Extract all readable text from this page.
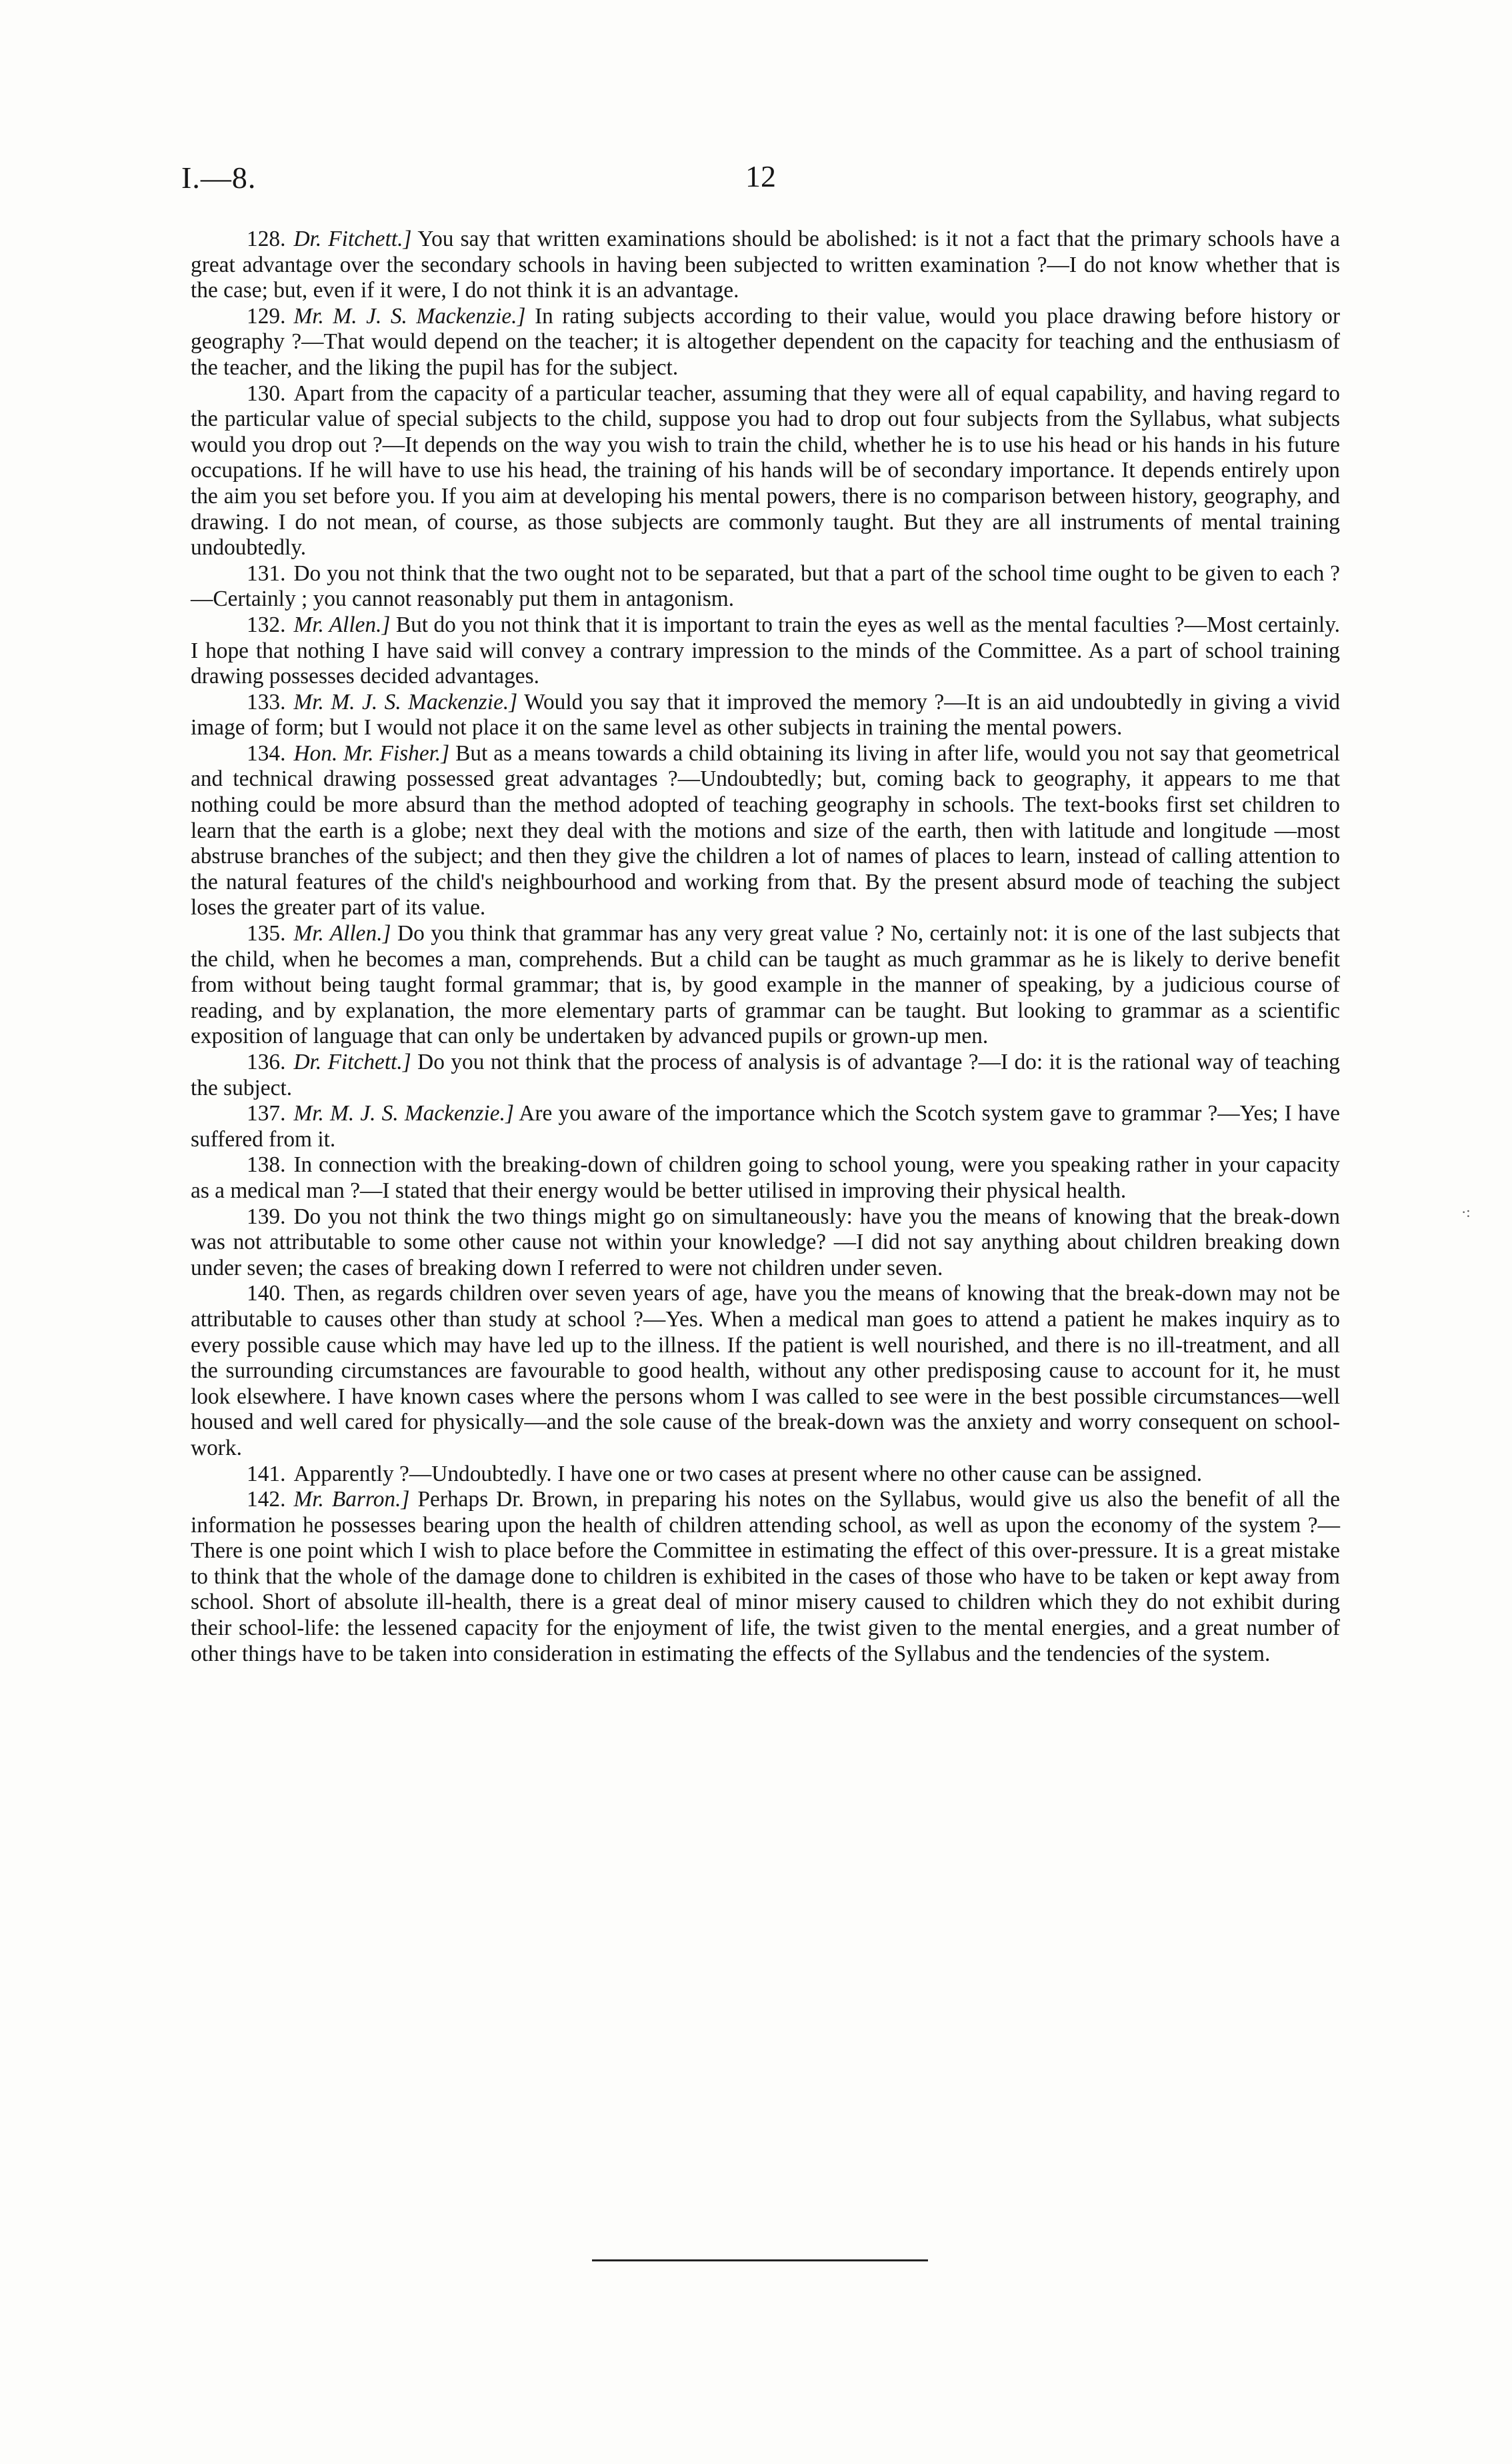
I.—8.	12
·:

128. Dr. Fitchett.] You say that written examinations should be abolished: is it not a fact that the primary schools have a great advantage over the secondary schools in having been subjected to written examination ?—I do not know whether that is the case; but, even if it were, I do not think it is an advantage.

129. Mr. M. J. S. Mackenzie.] In rating subjects according to their value, would you place drawing before history or geography ?—That would depend on the teacher; it is altogether dependent on the capacity for teaching and the enthusiasm of the teacher, and the liking the pupil has for the subject.

130. Apart from the capacity of a particular teacher, assuming that they were all of equal capability, and having regard to the particular value of special subjects to the child, suppose you had to drop out four subjects from the Syllabus, what subjects would you drop out ?—It depends on the way you wish to train the child, whether he is to use his head or his hands in his future occupations. If he will have to use his head, the training of his hands will be of secondary importance. It depends entirely upon the aim you set before you. If you aim at developing his mental powers, there is no comparison between history, geography, and drawing. I do not mean, of course, as those subjects are commonly taught. But they are all instruments of mental training undoubtedly.

131. Do you not think that the two ought not to be separated, but that a part of the school time ought to be given to each ?—Certainly ; you cannot reasonably put them in antagonism.

132. Mr. Allen.] But do you not think that it is important to train the eyes as well as the mental faculties ?—Most certainly. I hope that nothing I have said will convey a contrary impression to the minds of the Committee. As a part of school training drawing possesses decided advantages.

133. Mr. M. J. S. Mackenzie.] Would you say that it improved the memory ?—It is an aid undoubtedly in giving a vivid image of form; but I would not place it on the same level as other subjects in training the mental powers.

134. Hon. Mr. Fisher.] But as a means towards a child obtaining its living in after life, would you not say that geometrical and technical drawing possessed great advantages ?—Undoubtedly; but, coming back to geography, it appears to me that nothing could be more absurd than the method adopted of teaching geography in schools. The text-books first set children to learn that the earth is a globe; next they deal with the motions and size of the earth, then with latitude and longitude —most abstruse branches of the subject; and then they give the children a lot of names of places to learn, instead of calling attention to the natural features of the child's neighbourhood and working from that. By the present absurd mode of teaching the subject loses the greater part of its value.

135. Mr. Allen.] Do you think that grammar has any very great value ? No, certainly not: it is one of the last subjects that the child, when he becomes a man, comprehends. But a child can be taught as much grammar as he is likely to derive benefit from without being taught formal grammar; that is, by good example in the manner of speaking, by a judicious course of reading, and by explanation, the more elementary parts of grammar can be taught. But looking to grammar as a scientific exposition of language that can only be undertaken by advanced pupils or grown-up men.

136. Dr. Fitchett.] Do you not think that the process of analysis is of advantage ?—I do: it is the rational way of teaching the subject.

137. Mr. M. J. S. Mackenzie.] Are you aware of the importance which the Scotch system gave to grammar ?—Yes; I have suffered from it.

138. In connection with the breaking-down of children going to school young, were you speaking rather in your capacity as a medical man ?—I stated that their energy would be better utilised in improving their physical health.

139. Do you not think the two things might go on simultaneously: have you the means of knowing that the break-down was not attributable to some other cause not within your knowledge? —I did not say anything about children breaking down under seven; the cases of breaking down I referred to were not children under seven.

140. Then, as regards children over seven years of age, have you the means of knowing that the break-down may not be attributable to causes other than study at school ?—Yes. When a medical man goes to attend a patient he makes inquiry as to every possible cause which may have led up to the illness. If the patient is well nourished, and there is no ill-treatment, and all the surrounding circumstances are favourable to good health, without any other predisposing cause to account for it, he must look elsewhere. I have known cases where the persons whom I was called to see were in the best possible circumstances—well housed and well cared for physically—and the sole cause of the break-down was the anxiety and worry consequent on school-work.

141. Apparently ?—Undoubtedly. I have one or two cases at present where no other cause can be assigned.

142. Mr. Barron.] Perhaps Dr. Brown, in preparing his notes on the Syllabus, would give us also the benefit of all the information he possesses bearing upon the health of children attending school, as well as upon the economy of the system ?—There is one point which I wish to place before the Committee in estimating the effect of this over-pressure. It is a great mistake to think that the whole of the damage done to children is exhibited in the cases of those who have to be taken or kept away from school. Short of absolute ill-health, there is a great deal of minor misery caused to children which they do not exhibit during their school-life: the lessened capacity for the enjoyment of life, the twist given to the mental energies, and a great number of other things have to be taken into consideration in estimating the effects of the Syllabus and the tendencies of the system.
